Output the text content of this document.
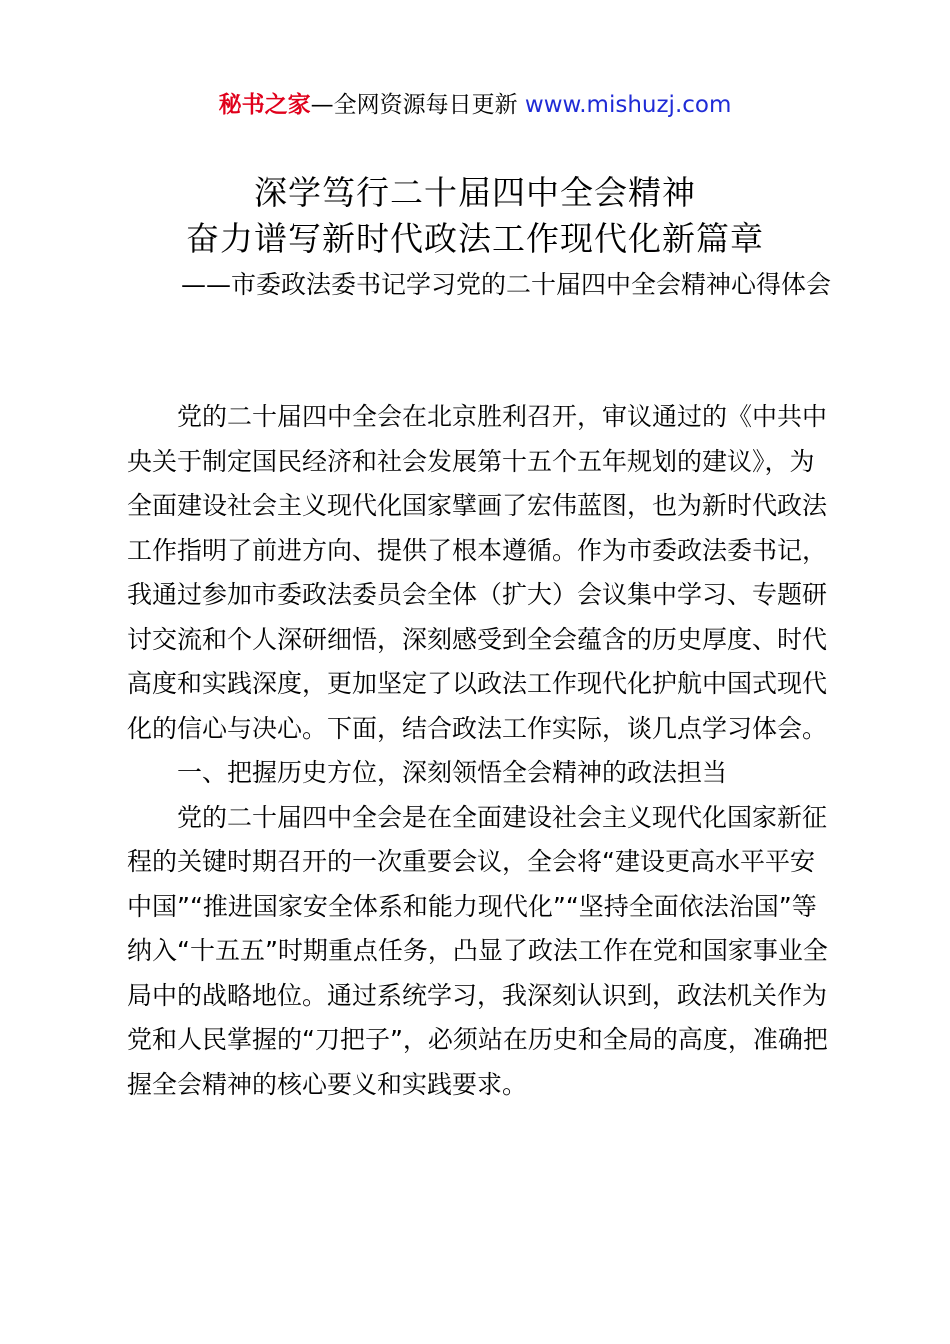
秘书之家—全网资源每日更新 www.mishuzj.com
深学笃行二十届四中全会精神
奋力谱写新时代政法工作现代化新篇章
——市委政法委书记学习党的二十届四中全会精神心得体会

党的二十届四中全会在北京胜利召开，审议通过的《中共中央关于制定国民经济和社会发展第十五个五年规划的建议》，为全面建设社会主义现代化国家擘画了宏伟蓝图，也为新时代政法工作指明了前进方向、提供了根本遵循。作为市委政法委书记，我通过参加市委政法委员会全体（扩大）会议集中学习、专题研讨交流和个人深研细悟，深刻感受到全会蕴含的历史厚度、时代高度和实践深度，更加坚定了以政法工作现代化护航中国式现代化的信心与决心。下面，结合政法工作实际，谈几点学习体会。

一、把握历史方位，深刻领悟全会精神的政法担当

党的二十届四中全会是在全面建设社会主义现代化国家新征程的关键时期召开的一次重要会议，全会将“建设更高水平平安中国”“推进国家安全体系和能力现代化”“坚持全面依法治国”等纳入“十五五”时期重点任务，凸显了政法工作在党和国家事业全局中的战略地位。通过系统学习，我深刻认识到，政法机关作为党和人民掌握的“刀把子”，必须站在历史和全局的高度，准确把握全会精神的核心要义和实践要求。
